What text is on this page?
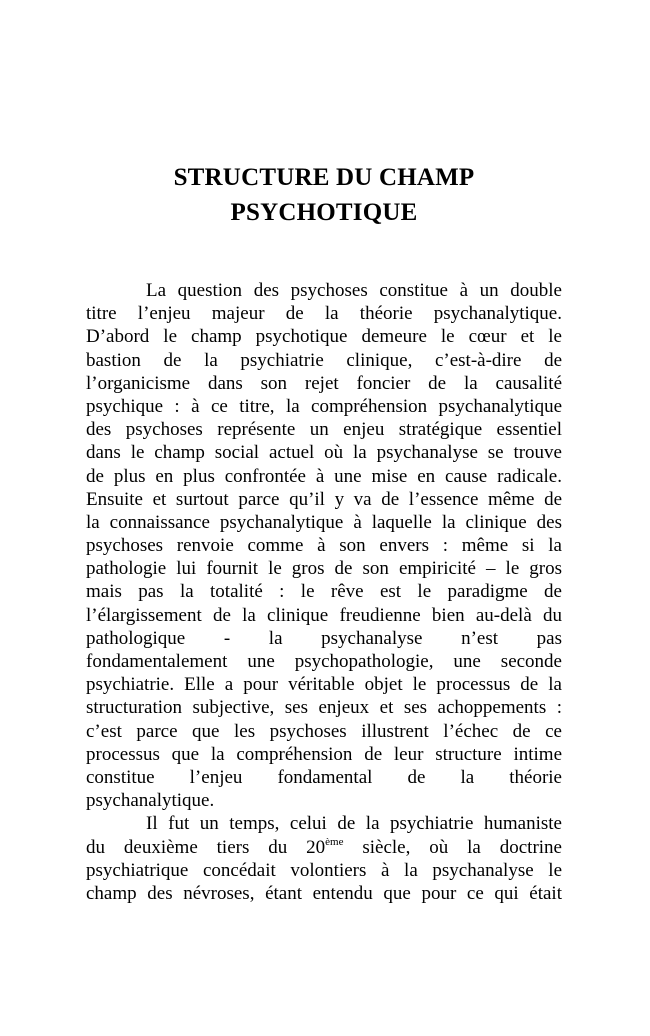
STRUCTURE DU CHAMP
PSYCHOTIQUE
La question des psychoses constitue à un double
titre l’enjeu majeur de la théorie psychanalytique.
D’abord le champ psychotique demeure le cœur et le
bastion de la psychiatrie clinique, c’est-à-dire de
l’organicisme dans son rejet foncier de la causalité
psychique : à ce titre, la compréhension psychanalytique
des psychoses représente un enjeu stratégique essentiel
dans le champ social actuel où la psychanalyse se trouve
de plus en plus confrontée à une mise en cause radicale.
Ensuite et surtout parce qu’il y va de l’essence même de
la connaissance psychanalytique à laquelle la clinique des
psychoses renvoie comme à son envers : même si la
pathologie lui fournit le gros de son empiricité – le gros
mais pas la totalité : le rêve est le paradigme de
l’élargissement de la clinique freudienne bien au-delà du
pathologique - la psychanalyse n’est pas
fondamentalement une psychopathologie, une seconde
psychiatrie. Elle a pour véritable objet le processus de la
structuration subjective, ses enjeux et ses achoppements :
c’est parce que les psychoses illustrent l’échec de ce
processus que la compréhension de leur structure intime
constitue l’enjeu fondamental de la théorie
psychanalytique.
Il fut un temps, celui de la psychiatrie humaniste
du deuxième tiers du 20ème siècle, où la doctrine
psychiatrique concédait volontiers à la psychanalyse le
champ des névroses, étant entendu que pour ce qui était
